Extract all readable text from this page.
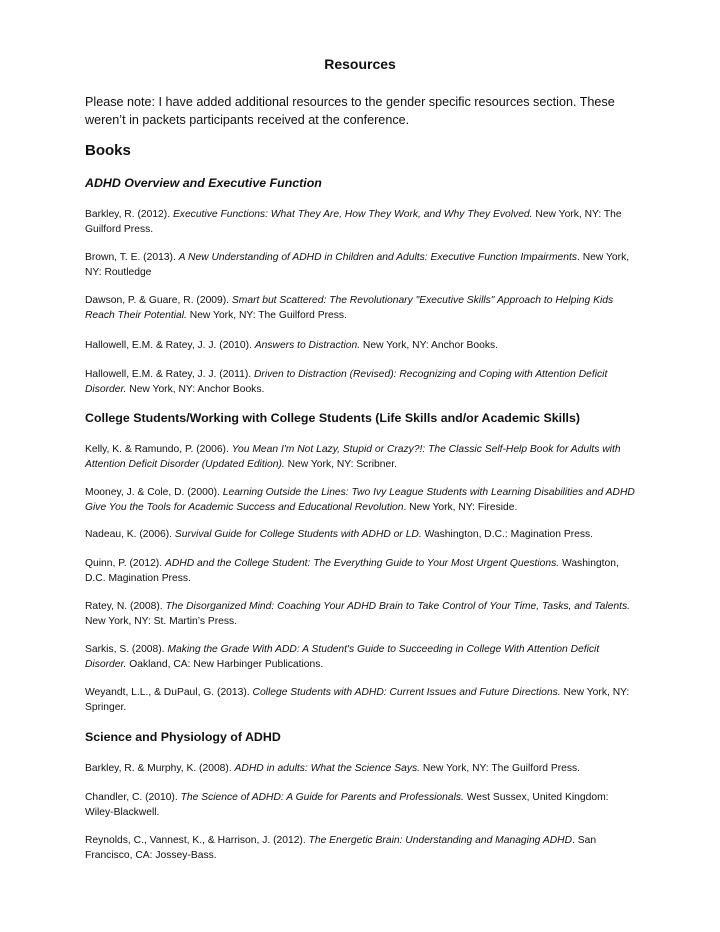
Resources
Please note: I have added additional resources to the gender specific resources section. These weren’t in packets participants received at the conference.
Books
ADHD Overview and Executive Function
Barkley, R. (2012). Executive Functions: What They Are, How They Work, and Why They Evolved. New York, NY: The Guilford Press.
Brown, T. E. (2013). A New Understanding of ADHD in Children and Adults: Executive Function Impairments. New York, NY: Routledge
Dawson, P. & Guare, R. (2009). Smart but Scattered: The Revolutionary "Executive Skills" Approach to Helping Kids Reach Their Potential. New York, NY: The Guilford Press.
Hallowell, E.M. & Ratey, J. J. (2010). Answers to Distraction. New York, NY: Anchor Books.
Hallowell, E.M. & Ratey, J. J. (2011). Driven to Distraction (Revised): Recognizing and Coping with Attention Deficit Disorder. New York, NY: Anchor Books.
College Students/Working with College Students (Life Skills and/or Academic Skills)
Kelly, K. & Ramundo, P. (2006). You Mean I'm Not Lazy, Stupid or Crazy?!: The Classic Self-Help Book for Adults with Attention Deficit Disorder (Updated Edition). New York, NY: Scribner.
Mooney, J. & Cole, D. (2000). Learning Outside the Lines: Two Ivy League Students with Learning Disabilities and ADHD Give You the Tools for Academic Success and Educational Revolution. New York, NY: Fireside.
Nadeau, K. (2006). Survival Guide for College Students with ADHD or LD. Washington, D.C.: Magination Press.
Quinn, P. (2012). ADHD and the College Student: The Everything Guide to Your Most Urgent Questions. Washington, D.C. Magination Press.
Ratey, N. (2008). The Disorganized Mind: Coaching Your ADHD Brain to Take Control of Your Time, Tasks, and Talents. New York, NY: St. Martin’s Press.
Sarkis, S. (2008). Making the Grade With ADD: A Student's Guide to Succeeding in College With Attention Deficit Disorder. Oakland, CA: New Harbinger Publications.
Weyandt, L.L., & DuPaul, G. (2013). College Students with ADHD: Current Issues and Future Directions. New York, NY: Springer.
Science and Physiology of ADHD
Barkley, R. & Murphy, K. (2008). ADHD in adults: What the Science Says. New York, NY: The Guilford Press.
Chandler, C. (2010). The Science of ADHD: A Guide for Parents and Professionals. West Sussex, United Kingdom: Wiley-Blackwell.
Reynolds, C., Vannest, K., & Harrison, J. (2012). The Energetic Brain: Understanding and Managing ADHD. San Francisco, CA: Jossey-Bass.
